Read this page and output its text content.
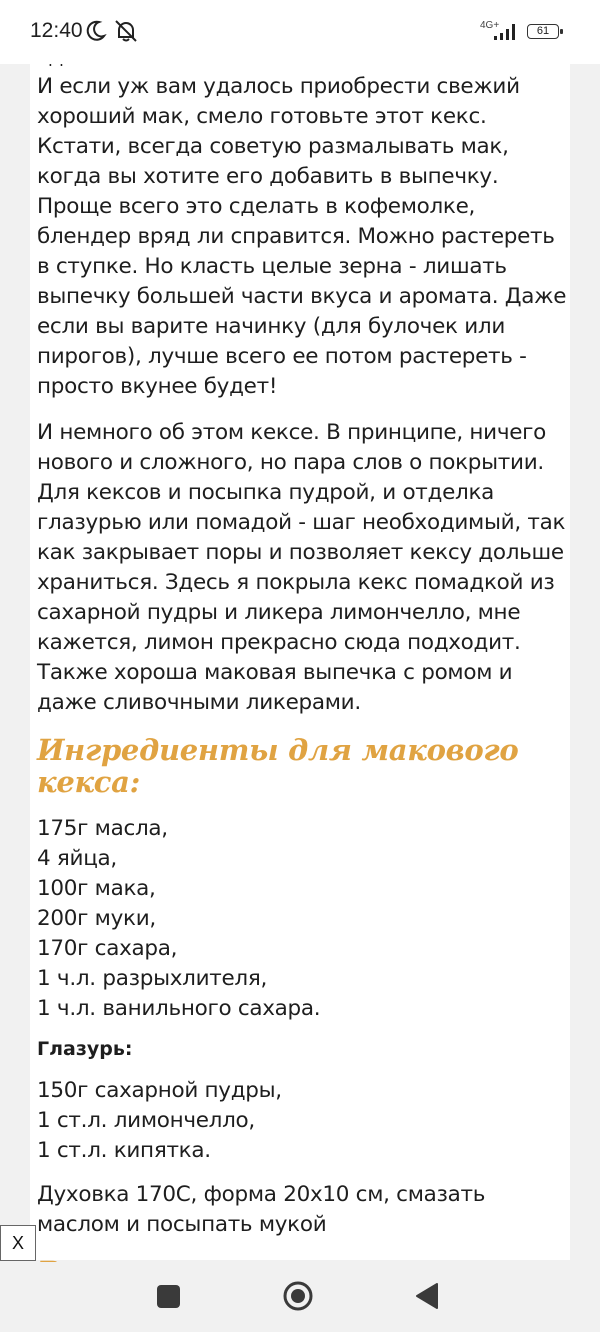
12:40	4G+	61

И если уж вам удалось приобрести свежий хороший мак, смело готовьте этот кекс. Кстати, всегда советую размалывать мак, когда вы хотите его добавить в выпечку. Проще всего это сделать в кофемолке, блендер вряд ли справится. Можно растереть в ступке. Но класть целые зерна - лишать выпечку большей части вкуса и аромата. Даже если вы варите начинку (для булочек или пирогов), лучше всего ее потом растереть - просто вкунее будет!

И немного об этом кексе. В принципе, ничего нового и сложного, но пара слов о покрытии. Для кексов и посыпка пудрой, и отделка глазурью или помадой - шаг необходимый, так как закрывает поры и позволяет кексу дольше храниться. Здесь я покрыла кекс помадкой из сахарной пудры и ликера лимончелло, мне кажется, лимон прекрасно сюда подходит. Также хороша маковая выпечка с ромом и даже сливочными ликерами.

Ингредиенты для макового кекса:
175г масла,
4 яйца,
100г мака,
200г муки,
170г сахара,
1 ч.л. разрыхлителя,
1 ч.л. ванильного сахара.

Глазурь:

150г сахарной пудры,
1 ст.л. лимончелло,
1 ст.л. кипятка.

Духовка 170С, форма 20х10 см, смазать маслом и посыпать мукой

X
